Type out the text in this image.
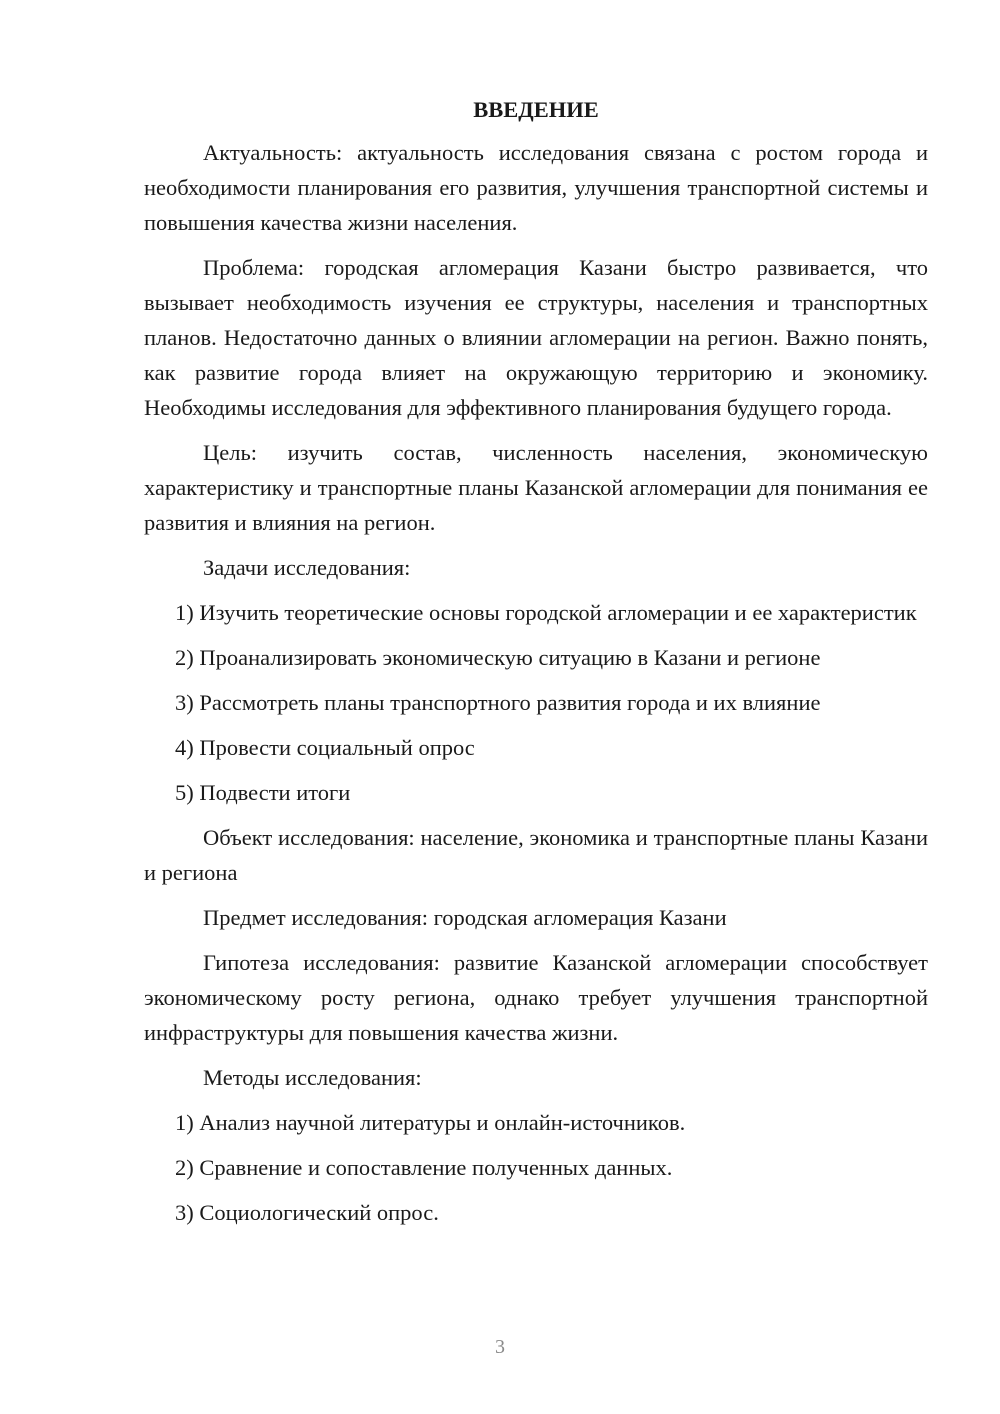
ВВЕДЕНИЕ

Актуальность: актуальность исследования связана с ростом города и необходимости планирования его развития, улучшения транспортной системы и повышения качества жизни населения.

Проблема: городская агломерация Казани быстро развивается, что вызывает необходимость изучения ее структуры, населения и транспортных планов. Недостаточно данных о влиянии агломерации на регион. Важно понять, как развитие города влияет на окружающую территорию и экономику. Необходимы исследования для эффективного планирования будущего города.

Цель: изучить состав, численность населения, экономическую характеристику и транспортные планы Казанской агломерации для понимания ее развития и влияния на регион.

Задачи исследования:

1) Изучить теоретические основы городской агломерации и ее характеристик

2) Проанализировать экономическую ситуацию в Казани и регионе

3) Рассмотреть планы транспортного развития города и их влияние

4) Провести социальный опрос

5) Подвести итоги

Объект исследования: население, экономика и транспортные планы Казани и региона

Предмет исследования: городская агломерация Казани

Гипотеза исследования: развитие Казанской агломерации способствует экономическому росту региона, однако требует улучшения транспортной инфраструктуры для повышения качества жизни.

Методы исследования:

1) Анализ научной литературы и онлайн-источников.

2) Сравнение и сопоставление полученных данных.

3) Социологический опрос.

3
